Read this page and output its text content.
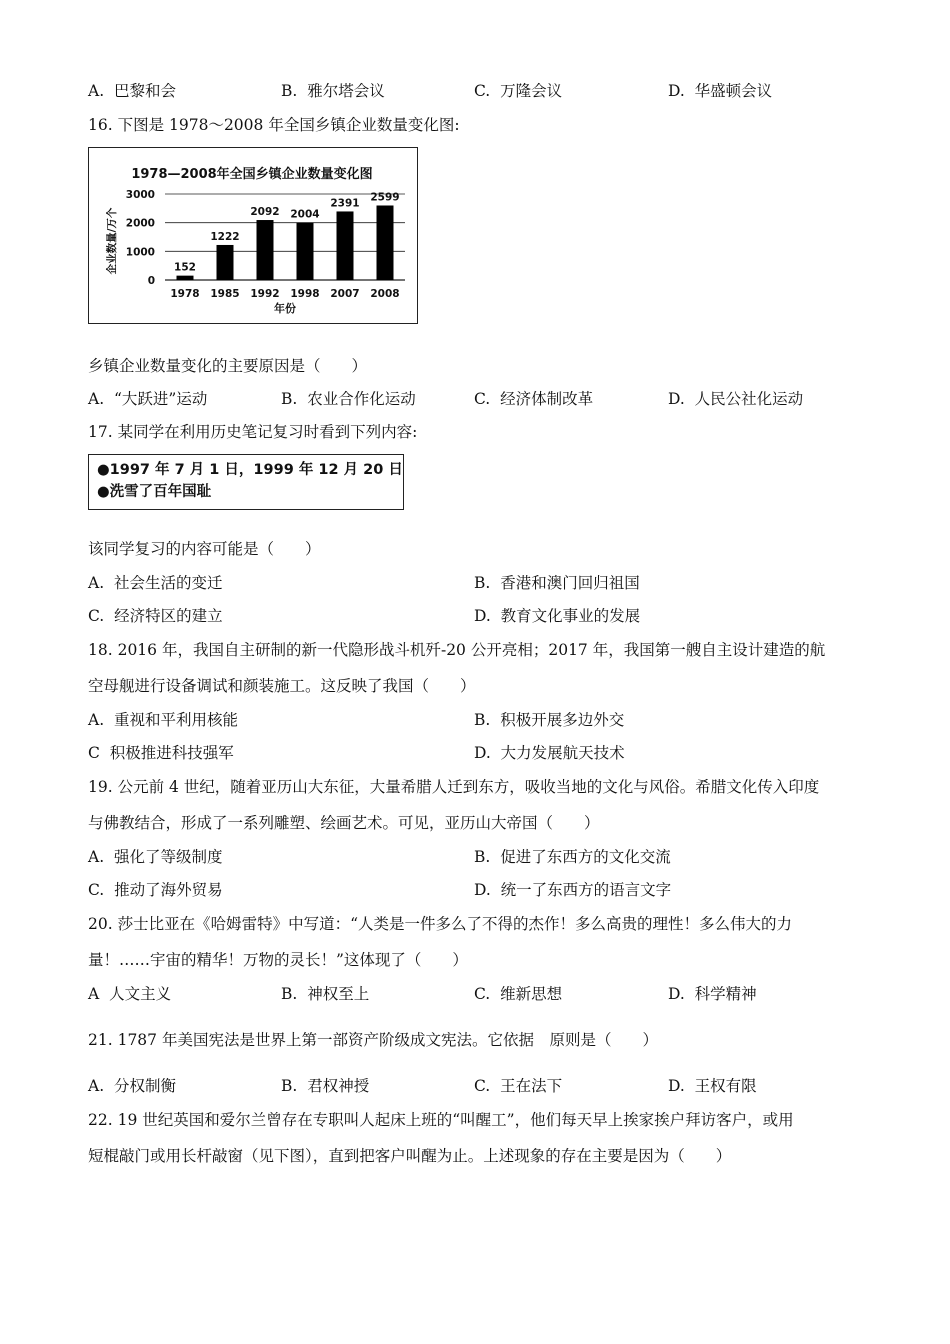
A. 巴黎和会	B. 雅尔塔会议	C. 万隆会议	D. 华盛顿会议
16. 下图是 1978～2008 年全国乡镇企业数量变化图:
1978—2008年全国乡镇企业数量变化图
企业数量/万个
年份
0
1000
2000
3000
152
1978
1222
1985
2092
1992
2004
1998
2391
2007
2599
2008
乡镇企业数量变化的主要原因是（　　）
A. “大跃进”运动	B. 农业合作化运动	C. 经济体制改革	D. 人民公社化运动
17. 某同学在利用历史笔记复习时看到下列内容:
●1997 年 7 月 1 日，1999 年 12 月 20 日
●洗雪了百年国耻
该同学复习的内容可能是（　　）
A. 社会生活的变迁	B. 香港和澳门回归祖国
C. 经济特区的建立	D. 教育文化事业的发展
18. 2016 年，我国自主研制的新一代隐形战斗机歼-20 公开亮相；2017 年，我国第一艘自主设计建造的航
空母舰进行设备调试和颜装施工。这反映了我国（　　）
A. 重视和平利用核能	B. 积极开展多边外交
C 积极推进科技强军	D. 大力发展航天技术
19. 公元前 4 世纪，随着亚历山大东征，大量希腊人迁到东方，吸收当地的文化与风俗。希腊文化传入印度
与佛教结合，形成了一系列雕塑、绘画艺术。可见，亚历山大帝国（　　）
A. 强化了等级制度	B. 促进了东西方的文化交流
C. 推动了海外贸易	D. 统一了东西方的语言文字
20. 莎士比亚在《哈姆雷特》中写道：“人类是一件多么了不得的杰作！多么高贵的理性！多么伟大的力
量！……宇宙的精华！万物的灵长！”这体现了（　　）
A 人文主义	B. 神权至上	C. 维新思想	D. 科学精神
21. 1787 年美国宪法是世界上第一部资产阶级成文宪法。它依据　原则是（　　）
A. 分权制衡	B. 君权神授	C. 王在法下	D. 王权有限
22. 19 世纪英国和爱尔兰曾存在专职叫人起床上班的“叫醒工”，他们每天早上挨家挨户拜访客户，或用
短棍敲门或用长杆敲窗（见下图），直到把客户叫醒为止。上述现象的存在主要是因为（　　）
